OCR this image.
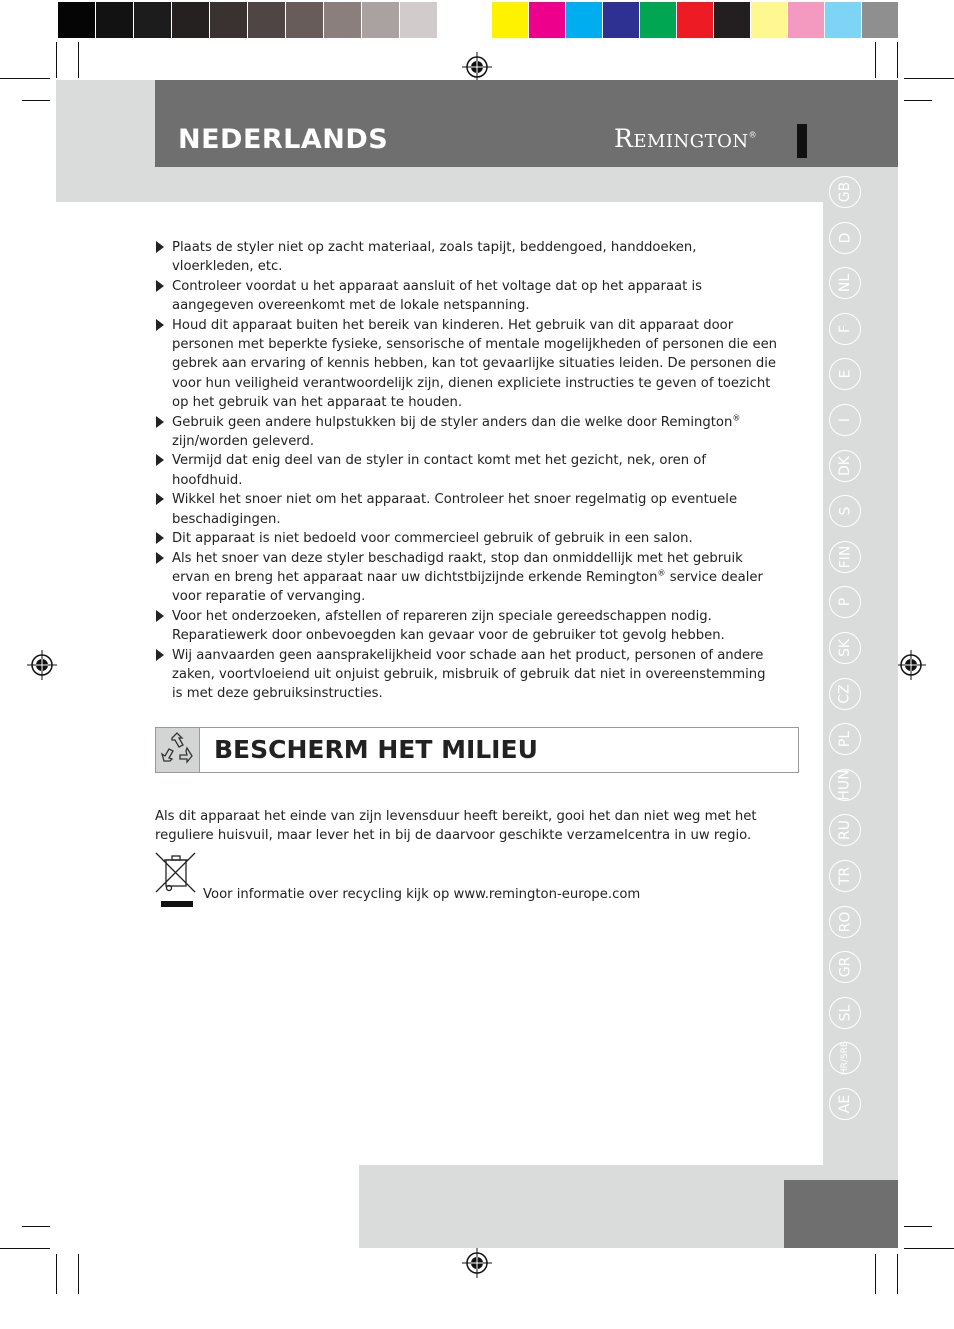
NEDERLANDS	REMINGTON®
GB
D
NL
F
E
I
DK
S
FIN
P
SK
CZ
PL
HUN
RU
TR
RO
GR
SL
HR/SRB
AE
Plaats de styler niet op zacht materiaal, zoals tapijt, beddengoed, handdoeken, vloerkleden, etc.
Controleer voordat u het apparaat aansluit of het voltage dat op het apparaat is aangegeven overeenkomt met de lokale netspanning.
Houd dit apparaat buiten het bereik van kinderen. Het gebruik van dit apparaat door personen met beperkte fysieke, sensorische of mentale mogelijkheden of personen die een gebrek aan ervaring of kennis hebben, kan tot gevaarlijke situaties leiden. De personen die voor hun veiligheid verantwoordelijk zijn, dienen expliciete instructies te geven of toezicht op het gebruik van het apparaat te houden.
Gebruik geen andere hulpstukken bij de styler anders dan die welke door Remington® zijn/worden geleverd.
Vermijd dat enig deel van de styler in contact komt met het gezicht, nek, oren of hoofdhuid.
Wikkel het snoer niet om het apparaat. Controleer het snoer regelmatig op eventuele beschadigingen.
Dit apparaat is niet bedoeld voor commercieel gebruik of gebruik in een salon.
Als het snoer van deze styler beschadigd raakt, stop dan onmiddellijk met het gebruik ervan en breng het apparaat naar uw dichtstbijzijnde erkende Remington® service dealer voor reparatie of vervanging.
Voor het onderzoeken, afstellen of repareren zijn speciale gereedschappen nodig. Reparatiewerk door onbevoegden kan gevaar voor de gebruiker tot gevolg hebben.
Wij aanvaarden geen aansprakelijkheid voor schade aan het product, personen of andere zaken, voortvloeiend uit onjuist gebruik, misbruik of gebruik dat niet in overeenstemming is met deze gebruiksinstructies.
BESCHERM HET MILIEU
Als dit apparaat het einde van zijn levensduur heeft bereikt, gooi het dan niet weg met het reguliere huisvuil, maar lever het in bij de daarvoor geschikte verzamelcentra in uw regio.
Voor informatie over recycling kijk op www.remington-europe.com
